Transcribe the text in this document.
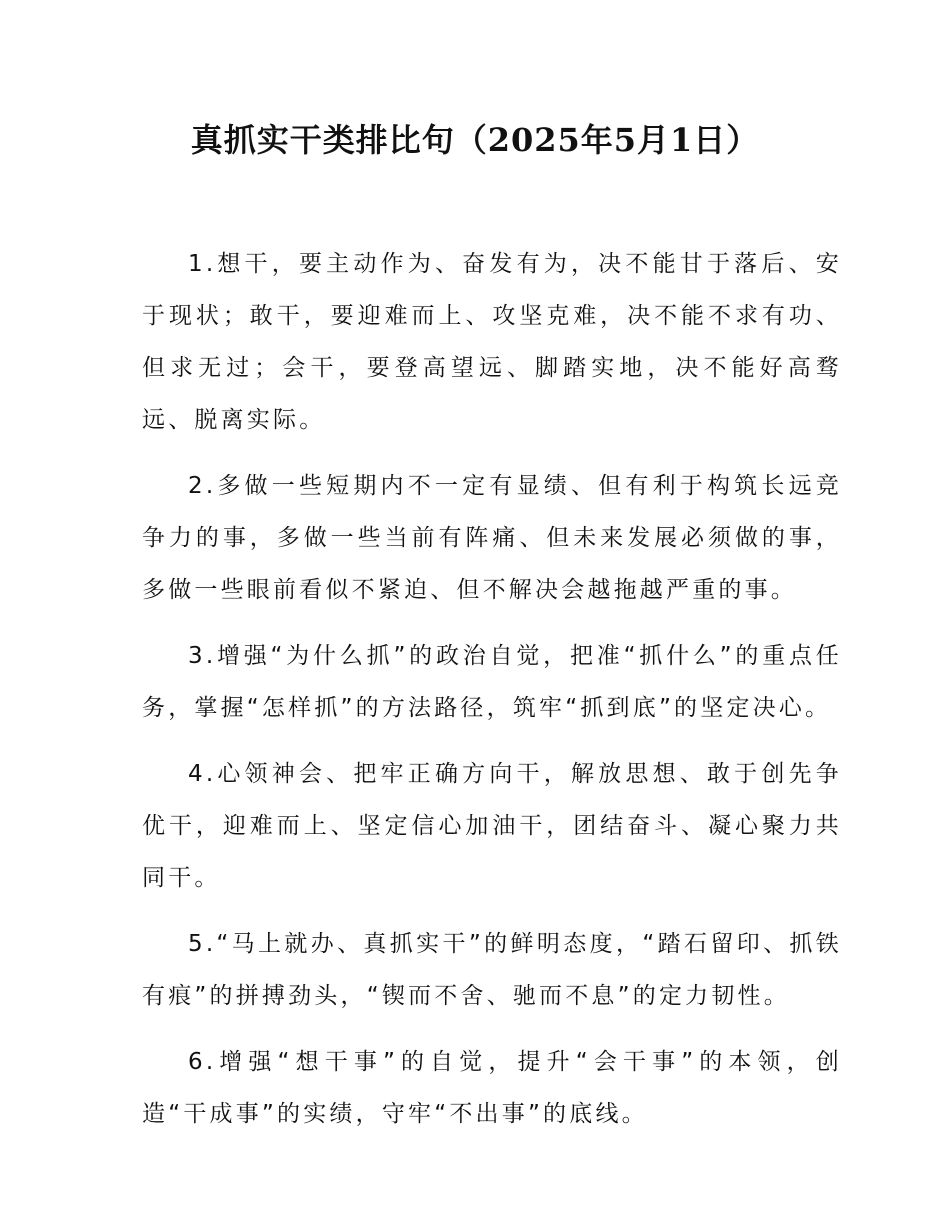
真抓实干类排比句（2025年5月1日）

1.想干，要主动作为、奋发有为，决不能甘于落后、安于现状；敢干，要迎难而上、攻坚克难，决不能不求有功、但求无过；会干，要登高望远、脚踏实地，决不能好高骛远、脱离实际。

2.多做一些短期内不一定有显绩、但有利于构筑长远竞争力的事，多做一些当前有阵痛、但未来发展必须做的事，多做一些眼前看似不紧迫、但不解决会越拖越严重的事。

3.增强“为什么抓”的政治自觉，把准“抓什么”的重点任务，掌握“怎样抓”的方法路径，筑牢“抓到底”的坚定决心。

4.心领神会、把牢正确方向干，解放思想、敢于创先争优干，迎难而上、坚定信心加油干，团结奋斗、凝心聚力共同干。

5.“马上就办、真抓实干”的鲜明态度，“踏石留印、抓铁有痕”的拼搏劲头，“锲而不舍、驰而不息”的定力韧性。

6.增强“想干事”的自觉，提升“会干事”的本领，创造“干成事”的实绩，守牢“不出事”的底线。
